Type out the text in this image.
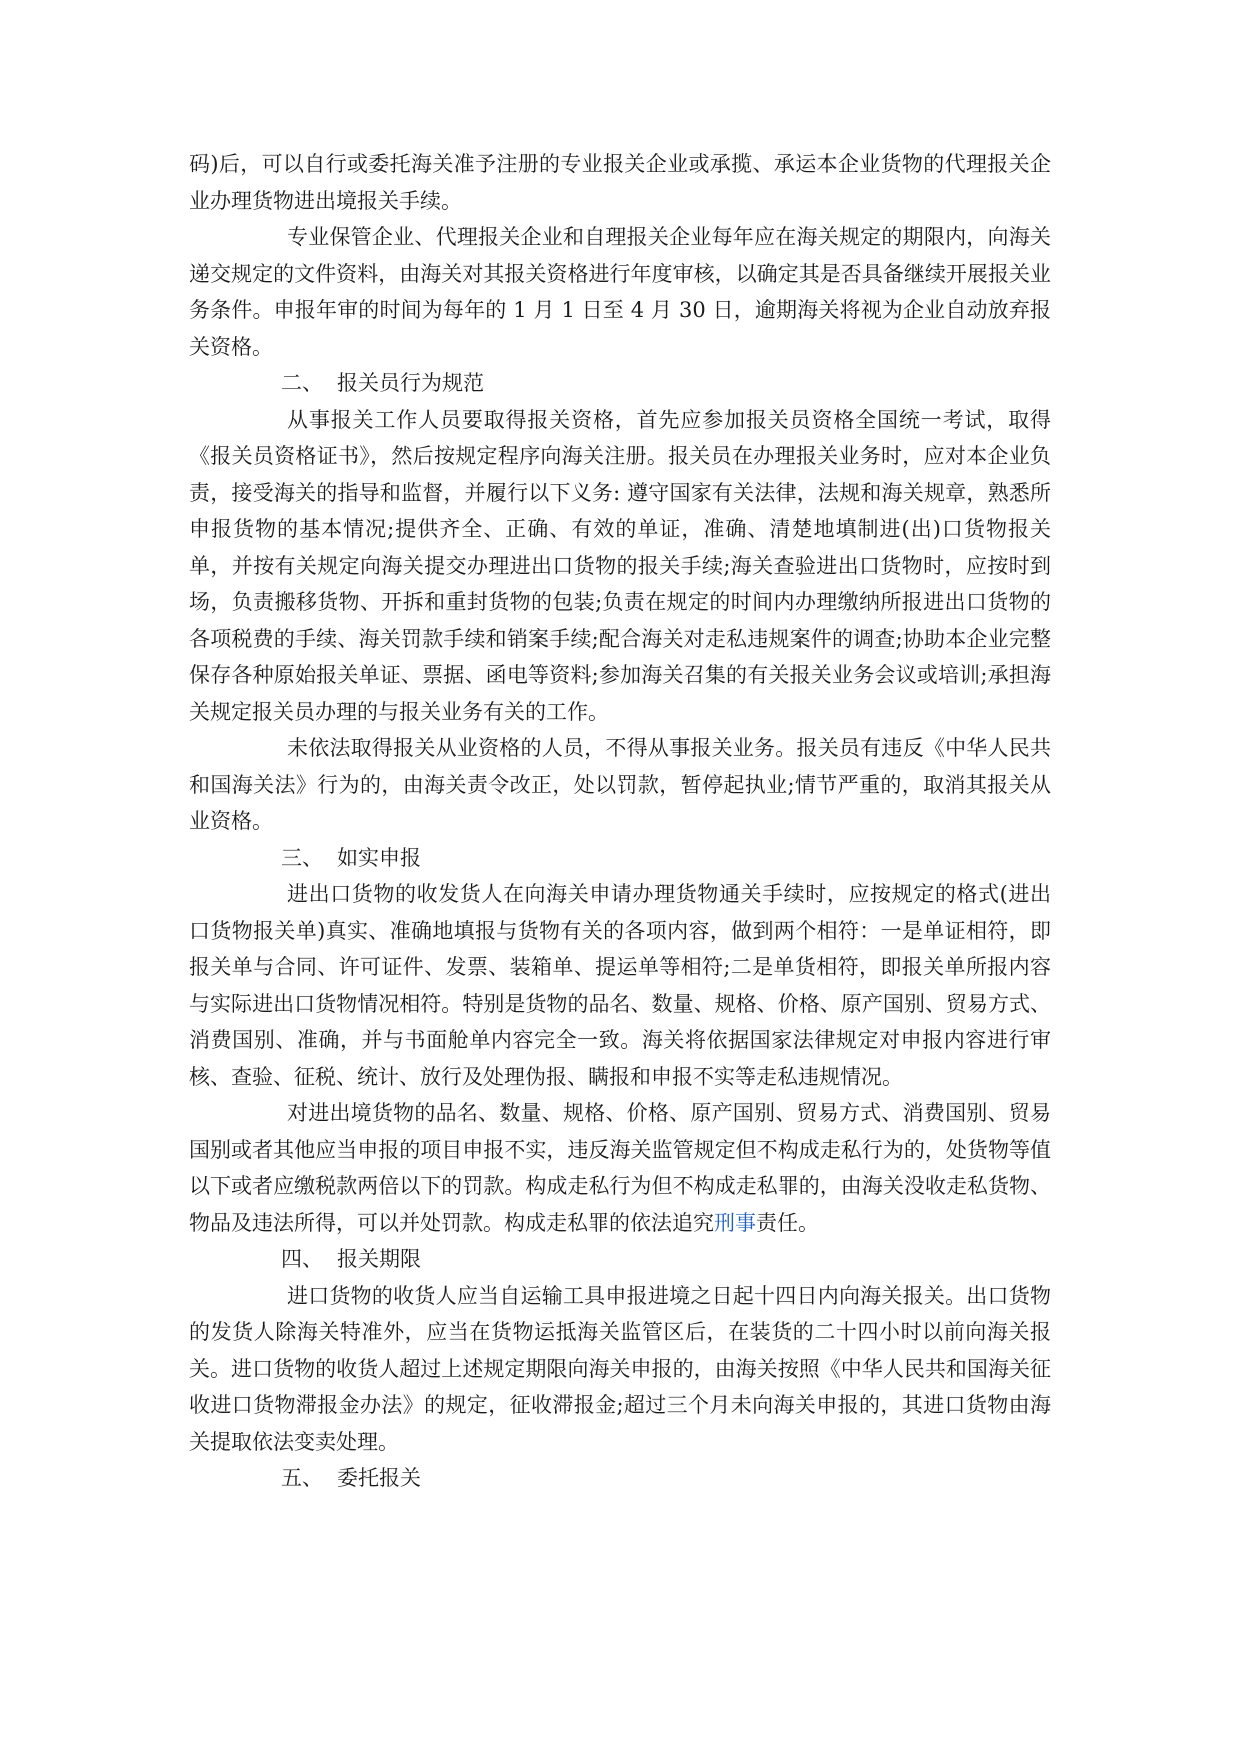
码)后，可以自行或委托海关准予注册的专业报关企业或承揽、承运本企业货物的代理报关企业办理货物进出境报关手续。

专业保管企业、代理报关企业和自理报关企业每年应在海关规定的期限内，向海关递交规定的文件资料，由海关对其报关资格进行年度审核，以确定其是否具备继续开展报关业务条件。申报年审的时间为每年的 1 月 1 日至 4 月 30 日，逾期海关将视为企业自动放弃报关资格。

二、 报关员行为规范

从事报关工作人员要取得报关资格，首先应参加报关员资格全国统一考试，取得《报关员资格证书》，然后按规定程序向海关注册。报关员在办理报关业务时，应对本企业负责，接受海关的指导和监督，并履行以下义务: 遵守国家有关法律，法规和海关规章，熟悉所申报货物的基本情况;提供齐全、正确、有效的单证，准确、清楚地填制进(出)口货物报关单，并按有关规定向海关提交办理进出口货物的报关手续;海关查验进出口货物时，应按时到场，负责搬移货物、开拆和重封货物的包装;负责在规定的时间内办理缴纳所报进出口货物的各项税费的手续、海关罚款手续和销案手续;配合海关对走私违规案件的调查;协助本企业完整保存各种原始报关单证、票据、函电等资料;参加海关召集的有关报关业务会议或培训;承担海关规定报关员办理的与报关业务有关的工作。

未依法取得报关从业资格的人员，不得从事报关业务。报关员有违反《中华人民共和国海关法》行为的，由海关责令改正，处以罚款，暂停起执业;情节严重的，取消其报关从业资格。

三、 如实申报

进出口货物的收发货人在向海关申请办理货物通关手续时，应按规定的格式(进出口货物报关单)真实、准确地填报与货物有关的各项内容，做到两个相符：一是单证相符，即报关单与合同、许可证件、发票、装箱单、提运单等相符;二是单货相符，即报关单所报内容与实际进出口货物情况相符。特别是货物的品名、数量、规格、价格、原产国别、贸易方式、消费国别、准确，并与书面舱单内容完全一致。海关将依据国家法律规定对申报内容进行审核、查验、征税、统计、放行及处理伪报、瞒报和申报不实等走私违规情况。

对进出境货物的品名、数量、规格、价格、原产国别、贸易方式、消费国别、贸易国别或者其他应当申报的项目申报不实，违反海关监管规定但不构成走私行为的，处货物等值以下或者应缴税款两倍以下的罚款。构成走私行为但不构成走私罪的，由海关没收走私货物、物品及违法所得，可以并处罚款。构成走私罪的依法追究刑事责任。

四、 报关期限

进口货物的收货人应当自运输工具申报进境之日起十四日内向海关报关。出口货物的发货人除海关特准外，应当在货物运抵海关监管区后，在装货的二十四小时以前向海关报关。进口货物的收货人超过上述规定期限向海关申报的，由海关按照《中华人民共和国海关征收进口货物滞报金办法》的规定，征收滞报金;超过三个月未向海关申报的，其进口货物由海关提取依法变卖处理。

五、 委托报关
